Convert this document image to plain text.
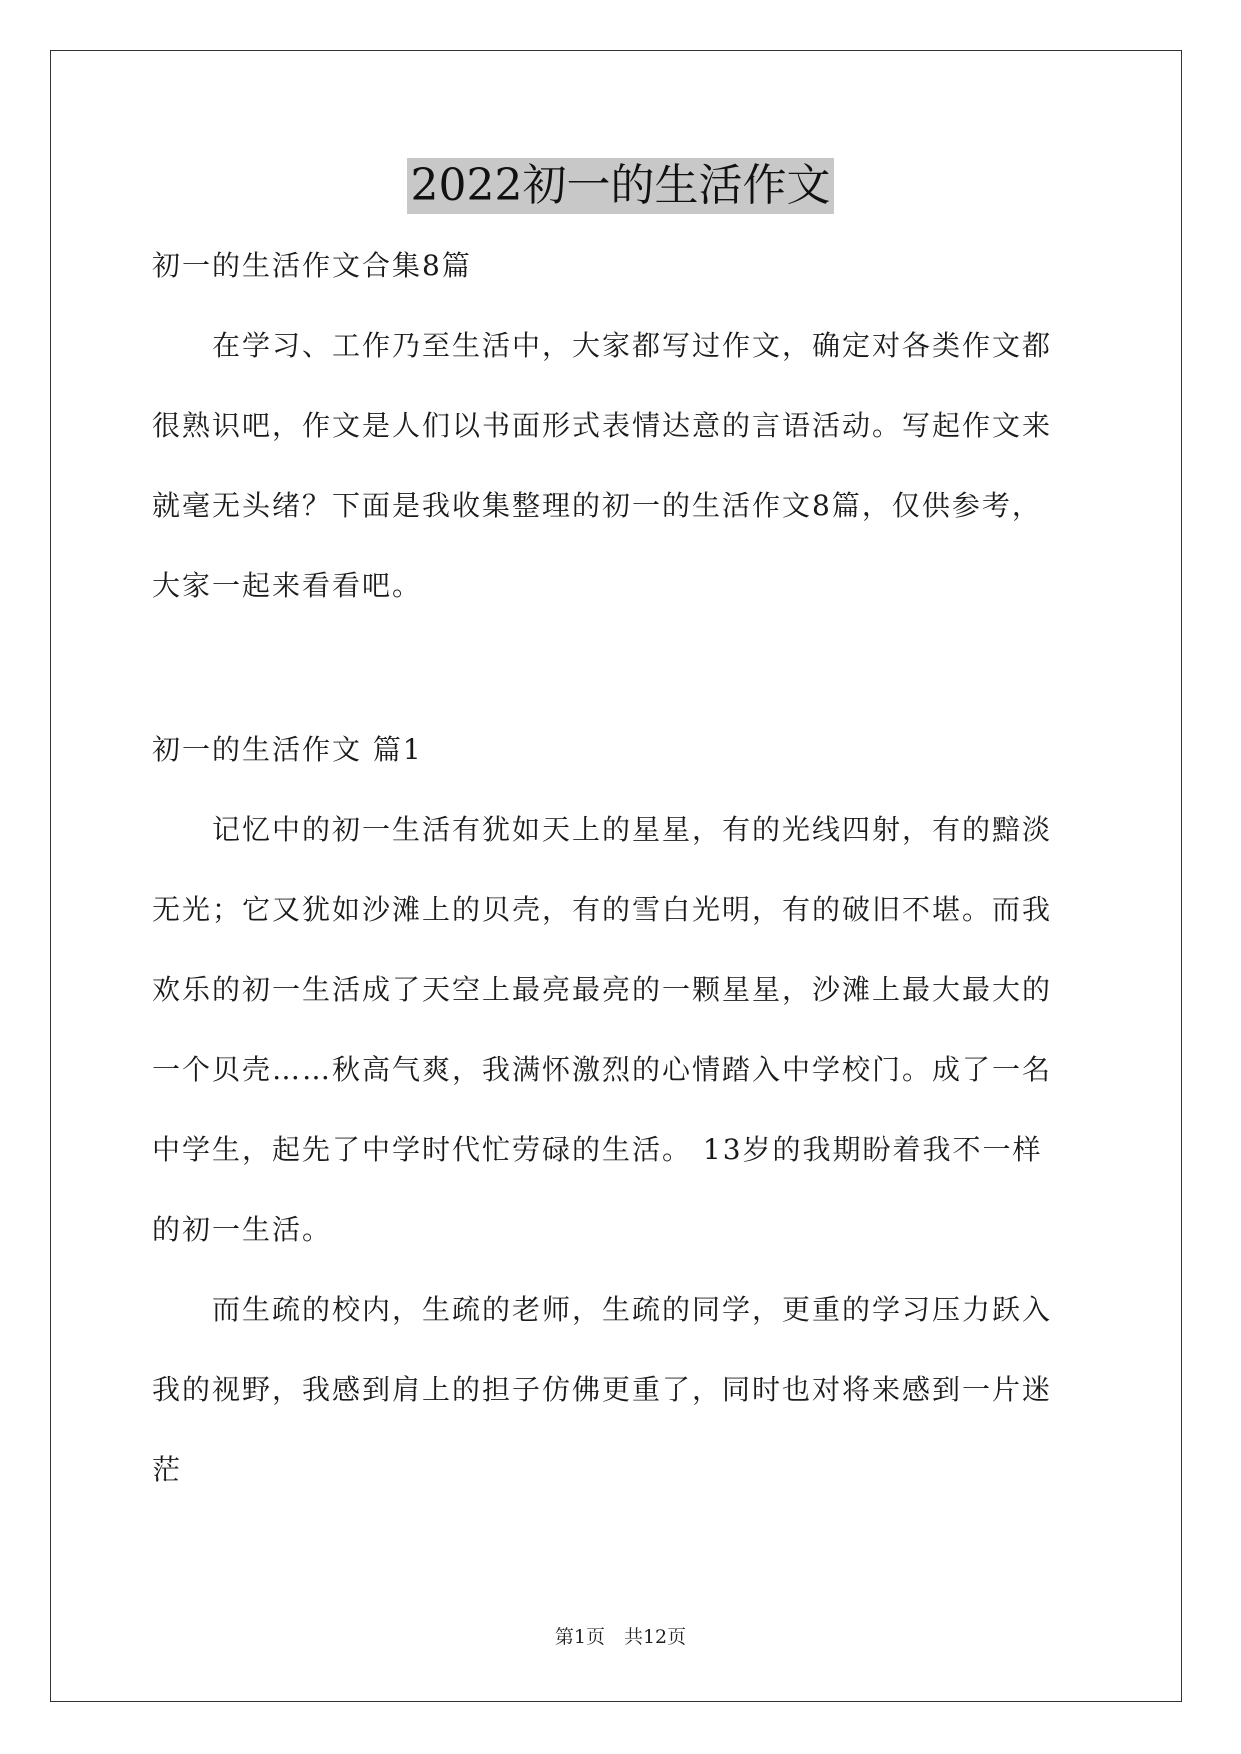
2022初一的生活作文
初一的生活作文合集8篇
　　在学习、工作乃至生活中，大家都写过作文，确定对各类作文都
很熟识吧，作文是人们以书面形式表情达意的言语活动。写起作文来
就毫无头绪？下面是我收集整理的初一的生活作文8篇，仅供参考，
大家一起来看看吧。
初一的生活作文 篇1
　　记忆中的初一生活有犹如天上的星星，有的光线四射，有的黯淡
无光；它又犹如沙滩上的贝壳，有的雪白光明，有的破旧不堪。而我
欢乐的初一生活成了天空上最亮最亮的一颗星星，沙滩上最大最大的
一个贝壳……秋高气爽，我满怀激烈的心情踏入中学校门。成了一名
中学生，起先了中学时代忙劳碌的生活。 13岁的我期盼着我不一样
的初一生活。
　　而生疏的校内，生疏的老师，生疏的同学，更重的学习压力跃入
我的视野，我感到肩上的担子仿佛更重了，同时也对将来感到一片迷
茫
第1页　共12页
